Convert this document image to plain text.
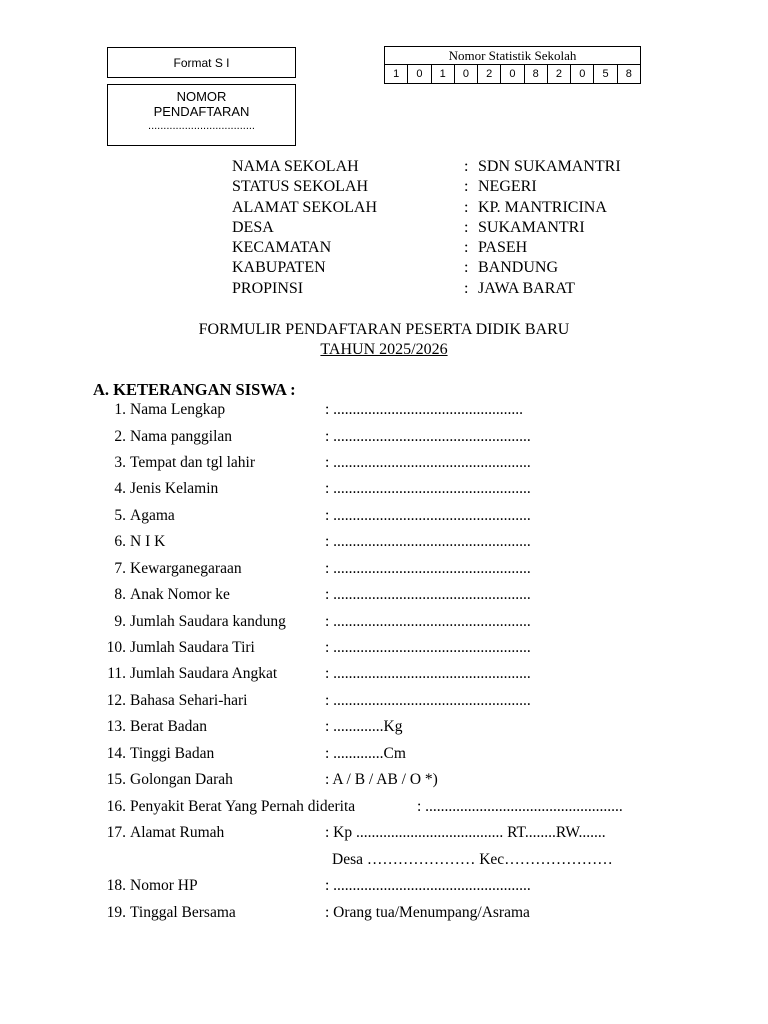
Format S I
NOMOR
PENDAFTARAN
...................................
Nomor Statistik Sekolah
1	0	1	0	2	0	8	2	0	5	8
NAMA SEKOLAH	: SDN SUKAMANTRI
STATUS SEKOLAH	: NEGERI
ALAMAT SEKOLAH	: KP. MANTRICINA
DESA	: SUKAMANTRI
KECAMATAN	: PASEH
KABUPATEN	: BANDUNG
PROPINSI	: JAWA BARAT
FORMULIR PENDAFTARAN PESERTA DIDIK BARU
TAHUN 2025/2026
A. KETERANGAN SISWA :
1. Nama Lengkap	: .................................................
2. Nama panggilan	: ...................................................
3. Tempat dan tgl lahir	: ...................................................
4. Jenis Kelamin	: ...................................................
5. Agama	: ...................................................
6. N I K	: ...................................................
7. Kewarganegaraan	: ...................................................
8. Anak Nomor ke	: ...................................................
9. Jumlah Saudara kandung	: ...................................................
10. Jumlah Saudara Tiri	: ...................................................
11. Jumlah Saudara Angkat	: ...................................................
12. Bahasa Sehari-hari	: ...................................................
13. Berat Badan	: .............Kg
14. Tinggi Badan	: .............Cm
15. Golongan Darah	: A / B / AB / O *)
16. Penyakit Berat Yang Pernah diderita	: ...................................................
17. Alamat Rumah	: Kp ...................................... RT........RW.......
Desa ………………… Kec…………………
18. Nomor HP	: ...................................................
19. Tinggal Bersama	: Orang tua/Menumpang/Asrama
